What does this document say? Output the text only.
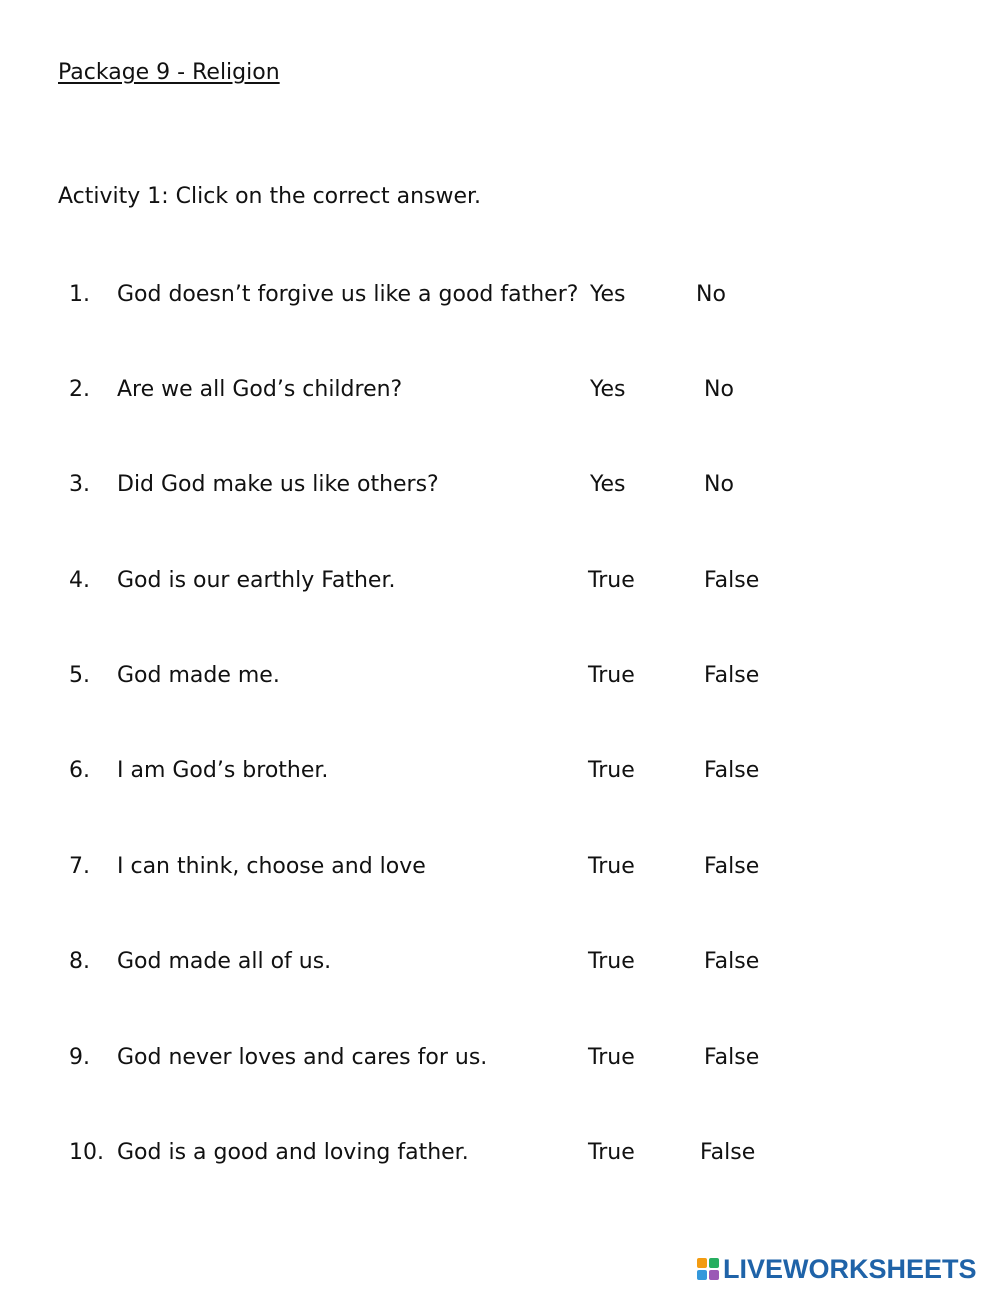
Package 9 - Religion
Activity 1: Click on the correct answer.
1. God doesn’t forgive us like a good father? Yes	No
2. Are we all God’s children?	Yes	No
3. Did God make us like others?	Yes	No
4. God is our earthly Father.	True	False
5. God made me.	True	False
6. I am God’s brother.	True	False
7. I can think, choose and love	True	False
8. God made all of us.	True	False
9. God never loves and cares for us.	True	False
10. God is a good and loving father.	True	False
LIVEWORKSHEETS
